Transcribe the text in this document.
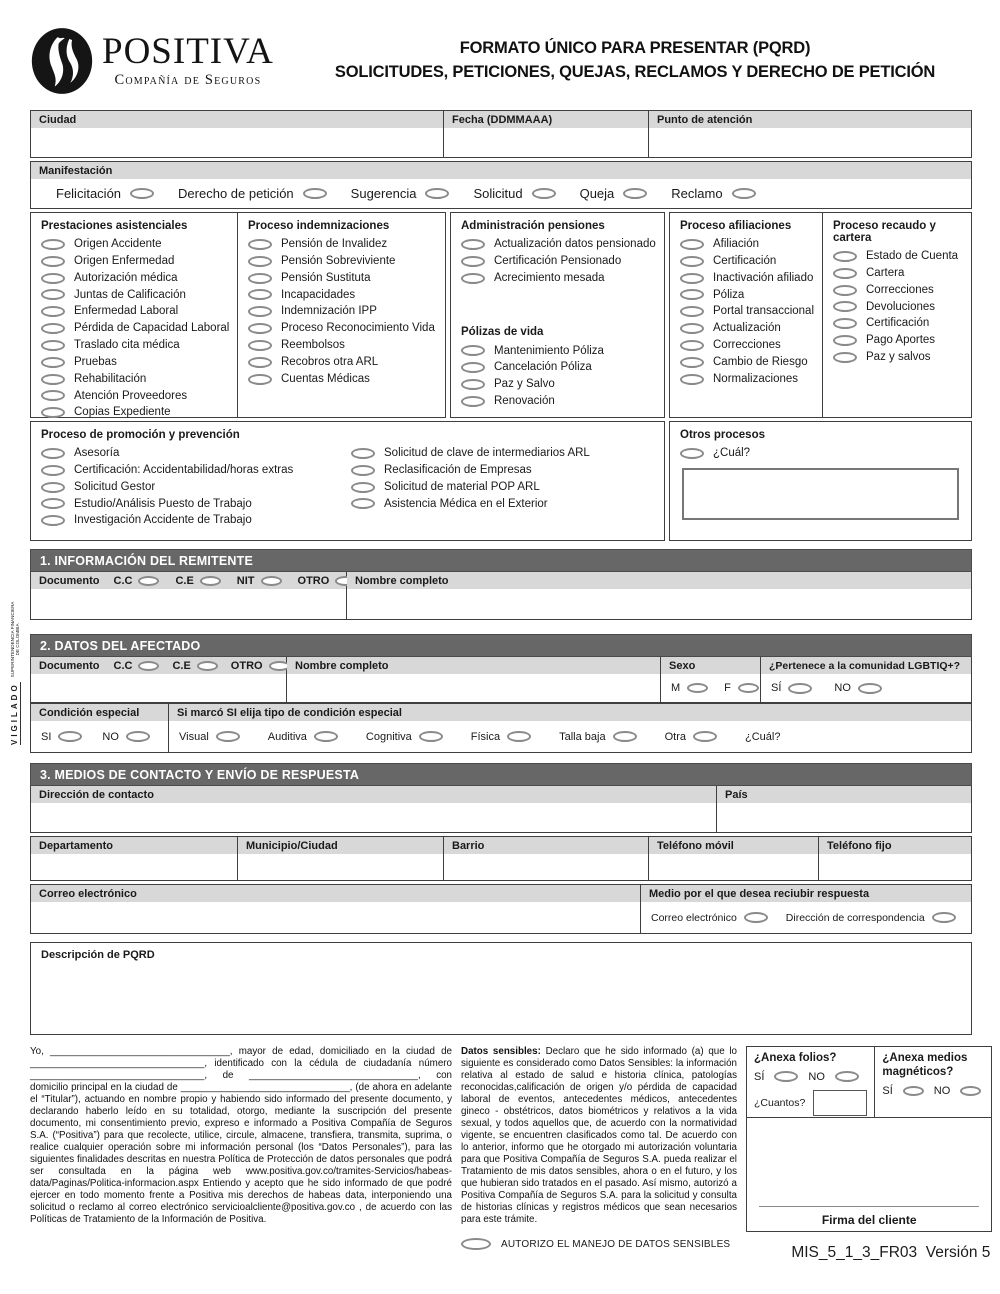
VIGILADO
SUPERINTENDENCIA FINANCIERA
DE COLOMBIA
POSITIVA
Compañía de Seguros
FORMATO ÚNICO PARA PRESENTAR (PQRD)
SOLICITUDES, PETICIONES, QUEJAS, RECLAMOS Y DERECHO DE PETICIÓN
Ciudad	Fecha (DDMMAAA)	Punto de atención
Manifestación
Felicitación	Derecho de petición	Sugerencia	Solicitud	Queja	Reclamo
Prestaciones asistenciales
Origen Accidente
Origen Enfermedad
Autorización médica
Juntas de Calificación
Enfermedad Laboral
Pérdida de Capacidad Laboral
Traslado cita médica
Pruebas
Rehabilitación
Atención Proveedores
Copias Expediente
Proceso indemnizaciones
Pensión de Invalidez
Pensión Sobreviviente
Pensión Sustituta
Incapacidades
Indemnización IPP
Proceso Reconocimiento Vida
Reembolsos
Recobros otra ARL
Cuentas Médicas
Administración pensiones
Actualización datos pensionado
Certificación Pensionado
Acrecimiento mesada
Pólizas de vida
Mantenimiento Póliza
Cancelación Póliza
Paz y Salvo
Renovación
Proceso afiliaciones
Afiliación
Certificación
Inactivación afiliado
Póliza
Portal transaccional
Actualización
Correcciones
Cambio de Riesgo
Normalizaciones
Proceso recaudo y cartera
Estado de Cuenta
Cartera
Correcciones
Devoluciones
Certificación
Pago Aportes
Paz y salvos
Proceso de promoción y prevención
Asesoría
Certificación: Accidentabilidad/horas extras
Solicitud Gestor
Estudio/Análisis Puesto de Trabajo
Investigación Accidente de Trabajo
Solicitud de clave de intermediarios ARL
Reclasificación de Empresas
Solicitud de material POP ARL
Asistencia Médica en el Exterior
Otros procesos
¿Cuál?
1. INFORMACIÓN DEL REMITENTE
Documento C.C	C.E	NIT	OTRO	Nombre completo
2. DATOS DEL AFECTADO
Documento C.C	C.E	OTRO	Nombre completo	Sexo
M	F
¿Pertenece a la comunidad LGBTIQ+?
SÍ	NO
Condición especial
SI	NO
Si marcó SI elija tipo de condición especial
Visual	Auditiva	Cognitiva	Física	Talla baja	Otra	¿Cuál?
3. MEDIOS DE CONTACTO Y ENVÍO DE RESPUESTA
Dirección de contacto	País
Departamento	Municipio/Ciudad	Barrio	Teléfono móvil	Teléfono fijo
Correo electrónico	Medio por el que desea reciubir respuesta
Correo electrónico	Dirección de correspondencia
Descripción de PQRD
Yo, _________________________________, mayor de edad, domiciliado en la ciudad de ________________________________, identificado con la cédula de ciudadanía número ________________________________, de _______________________________, con domicilio principal en la ciudad de _______________________________, (de ahora en adelante el “Titular”), actuando en nombre propio y habiendo sido informado del presente documento, y declarando haberlo leído en su totalidad, otorgo, mediante la suscripción del presente documento, mi consentimiento previo, expreso e informado a Positiva Compañía de Seguros S.A. (“Positiva”) para que recolecte, utilice, circule, almacene, transfiera, transmita, suprima, o realice cualquier operación sobre mi información personal (los “Datos Personales”), para las siguientes finalidades descritas en nuestra Política de Protección de datos personales que podrá ser consultada en la página web www.positiva.gov.co/tramites-Servicios/habeas-data/Paginas/Politica-informacion.aspx Entiendo y acepto que he sido informado de que podré ejercer en todo momento frente a Positiva mis derechos de habeas data, interponiendo una solicitud o reclamo al correo electrónico servicioalcliente@positiva.gov.co , de acuerdo con las Políticas de Tratamiento de la Información de Positiva.
Datos sensibles: Declaro que he sido informado (a) que lo siguiente es considerado como Datos Sensibles: la información relativa al estado de salud e historia clínica, patologías reconocidas,calificación de origen y/o pérdida de capacidad laboral de eventos, antecedentes médicos, antecedentes gineco - obstétricos, datos biométricos y relativos a la vida sexual, y todos aquellos que, de acuerdo con la normatividad vigente, se encuentren clasificados como tal. De acuerdo con lo anterior, informo que he otorgado mi autorización voluntaria para que Positiva Compañía de Seguros S.A. pueda realizar el Tratamiento de mis datos sensibles, ahora o en el futuro, y los que hubieran sido tratados en el pasado. Así mismo, autorizó a Positiva Compañía de Seguros S.A. para la solicitud y consulta de historias clínicas y registros médicos que sean necesarios para este trámite.
AUTORIZO EL MANEJO DE DATOS SENSIBLES
¿Anexa folios?
SÍ	NO
¿Cuantos?
¿Anexa medios magnéticos?
SÍ	NO
Firma del cliente
MIS_5_1_3_FR03  Versión 5
